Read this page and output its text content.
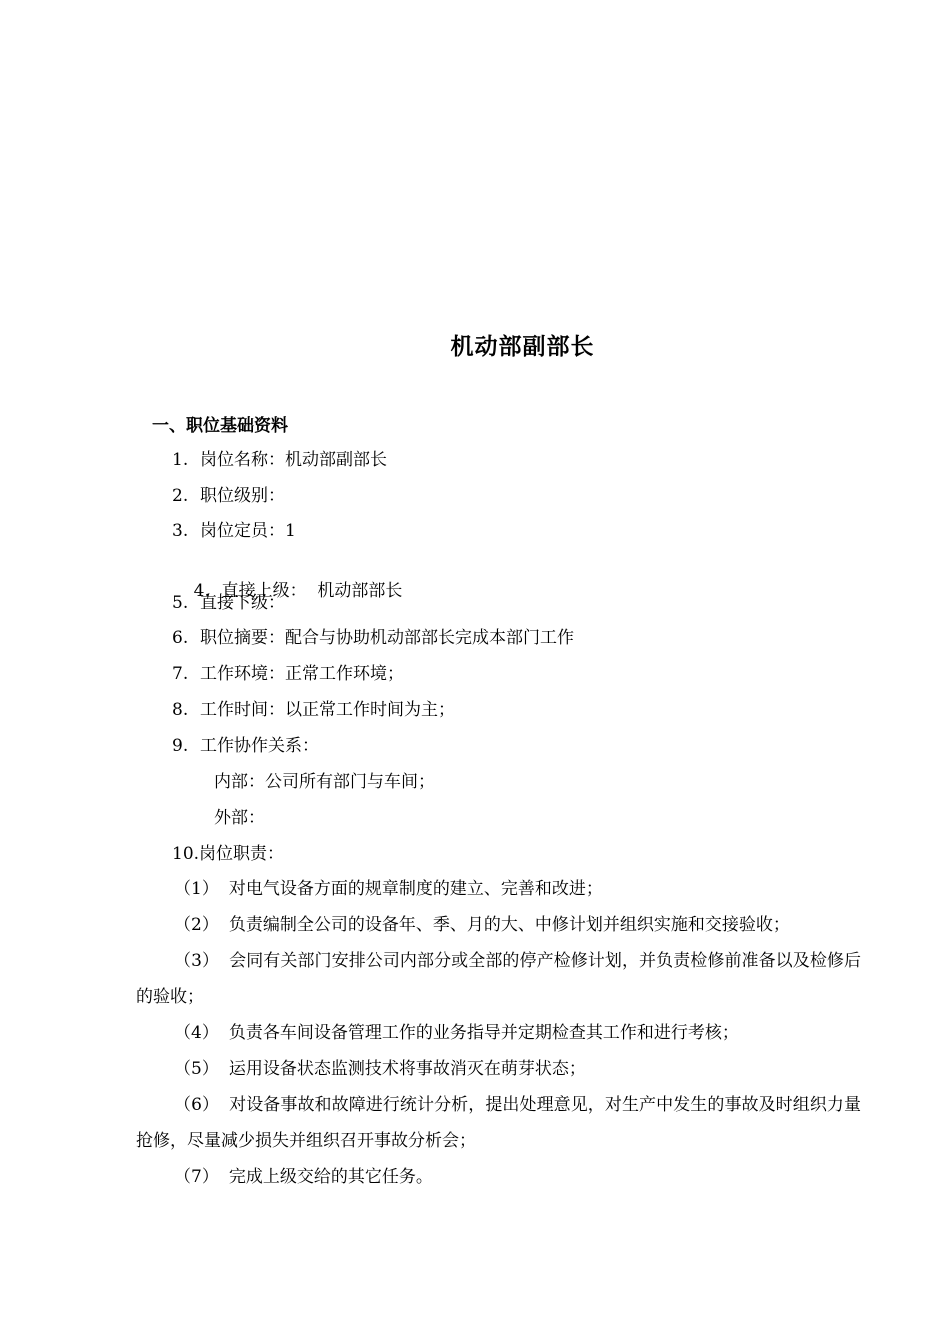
机动部副部长
一、职位基础资料
1. 岗位名称：机动部副部长
2. 职位级别：
3. 岗位定员：1

4. 直接上级：  机动部部长

5. 直接下级：
6. 职位摘要：配合与协助机动部部长完成本部门工作
7. 工作环境：正常工作环境；
8. 工作时间：以正常工作时间为主；
9. 工作协作关系：
内部：公司所有部门与车间；
外部：
10.岗位职责：
（1） 对电气设备方面的规章制度的建立、完善和改进；
（2） 负责编制全公司的设备年、季、月的大、中修计划并组织实施和交接验收；
（3） 会同有关部门安排公司内部分或全部的停产检修计划，并负责检修前准备以及检修后的验收；
（4） 负责各车间设备管理工作的业务指导并定期检查其工作和进行考核；
（5） 运用设备状态监测技术将事故消灭在萌芽状态；
（6） 对设备事故和故障进行统计分析，提出处理意见，对生产中发生的事故及时组织力量抢修，尽量减少损失并组织召开事故分析会；
（7） 完成上级交给的其它任务。
